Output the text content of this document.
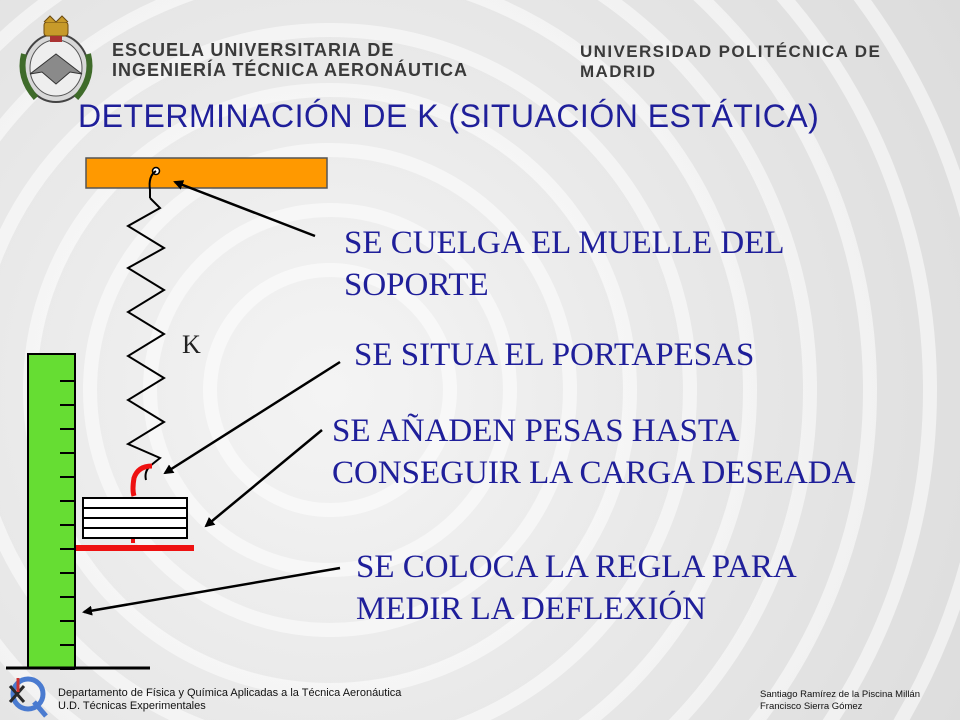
ESCUELA UNIVERSITARIA DE
INGENIERÍA TÉCNICA AERONÁUTICA
UNIVERSIDAD POLITÉCNICA DE MADRID
DETERMINACIÓN DE K (SITUACIÓN ESTÁTICA)
K
SE CUELGA EL MUELLE DEL
SOPORTE
SE SITUA EL PORTAPESAS
SE AÑADEN PESAS HASTA
CONSEGUIR LA CARGA DESEADA
SE COLOCA LA REGLA PARA
MEDIR LA DEFLEXIÓN
Departamento de Física y Química Aplicadas a la Técnica Aeronáutica
U.D. Técnicas Experimentales
Santiago Ramírez de la Piscina Millán
Francisco Sierra Gómez
